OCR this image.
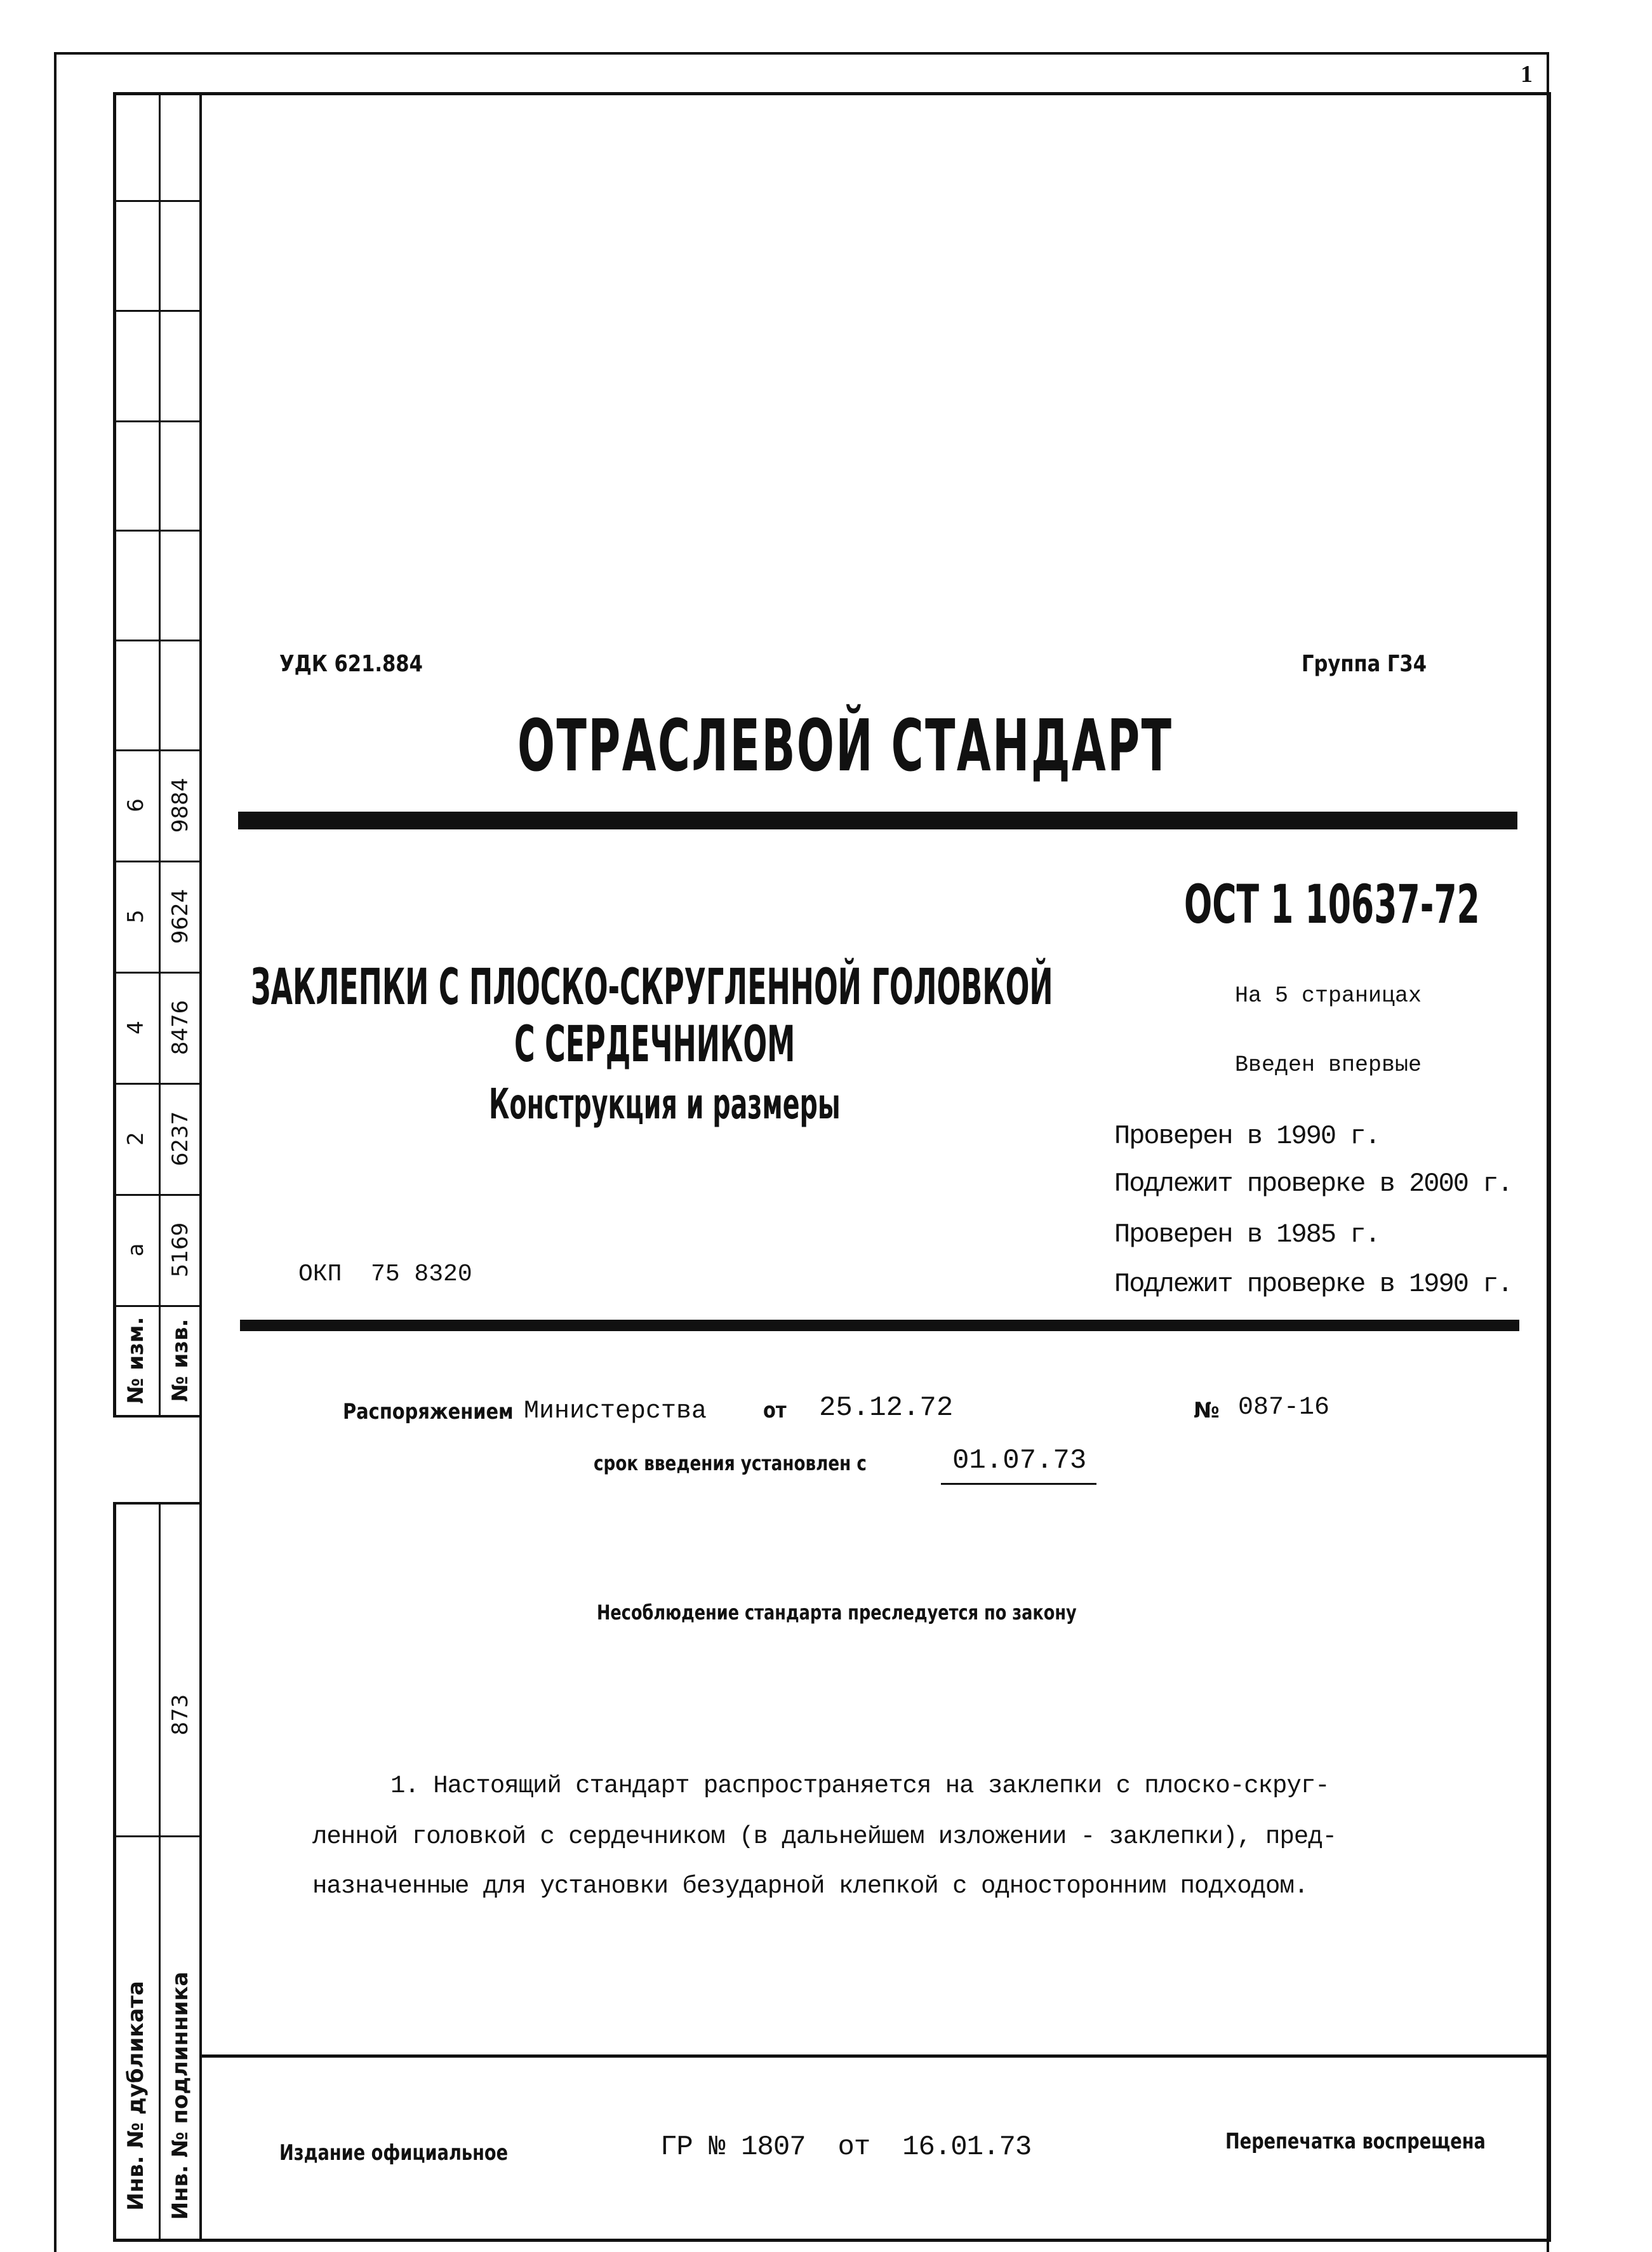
6 9884
5 9624
4 8476
2 6237
а 5169
№ изм. № изв.
873
Инв. № дубликата Инв. № подлинника
1
УДК 621.884	Группа Г34
ОТРАСЛЕВОЙ СТАНДАРТ
ОСТ 1 10637-72
ЗАКЛЕПКИ С ПЛОСКО-СКРУГЛЕННОЙ ГОЛОВКОЙ
С СЕРДЕЧНИКОМ
Конструкция и размеры
На 5 страницах
Введен впервые
Проверен в 1990 г.
Подлежит проверке в 2000 г.
Проверен в 1985 г.
Подлежит проверке в 1990 г.
ОКП  75 8320
Распоряжением Министерства	от 25.12.72	№ 087-16
срок введения установлен с	01.07.73
Несоблюдение стандарта преследуется по закону
1. Настоящий стандарт распространяется на заклепки с плоско-скруг-
ленной головкой с сердечником (в дальнейшем изложении - заклепки), пред-
назначенные для установки безударной клепкой с односторонним подходом.
Издание официальное	ГР № 1807  от  16.01.73	Перепечатка воспрещена
